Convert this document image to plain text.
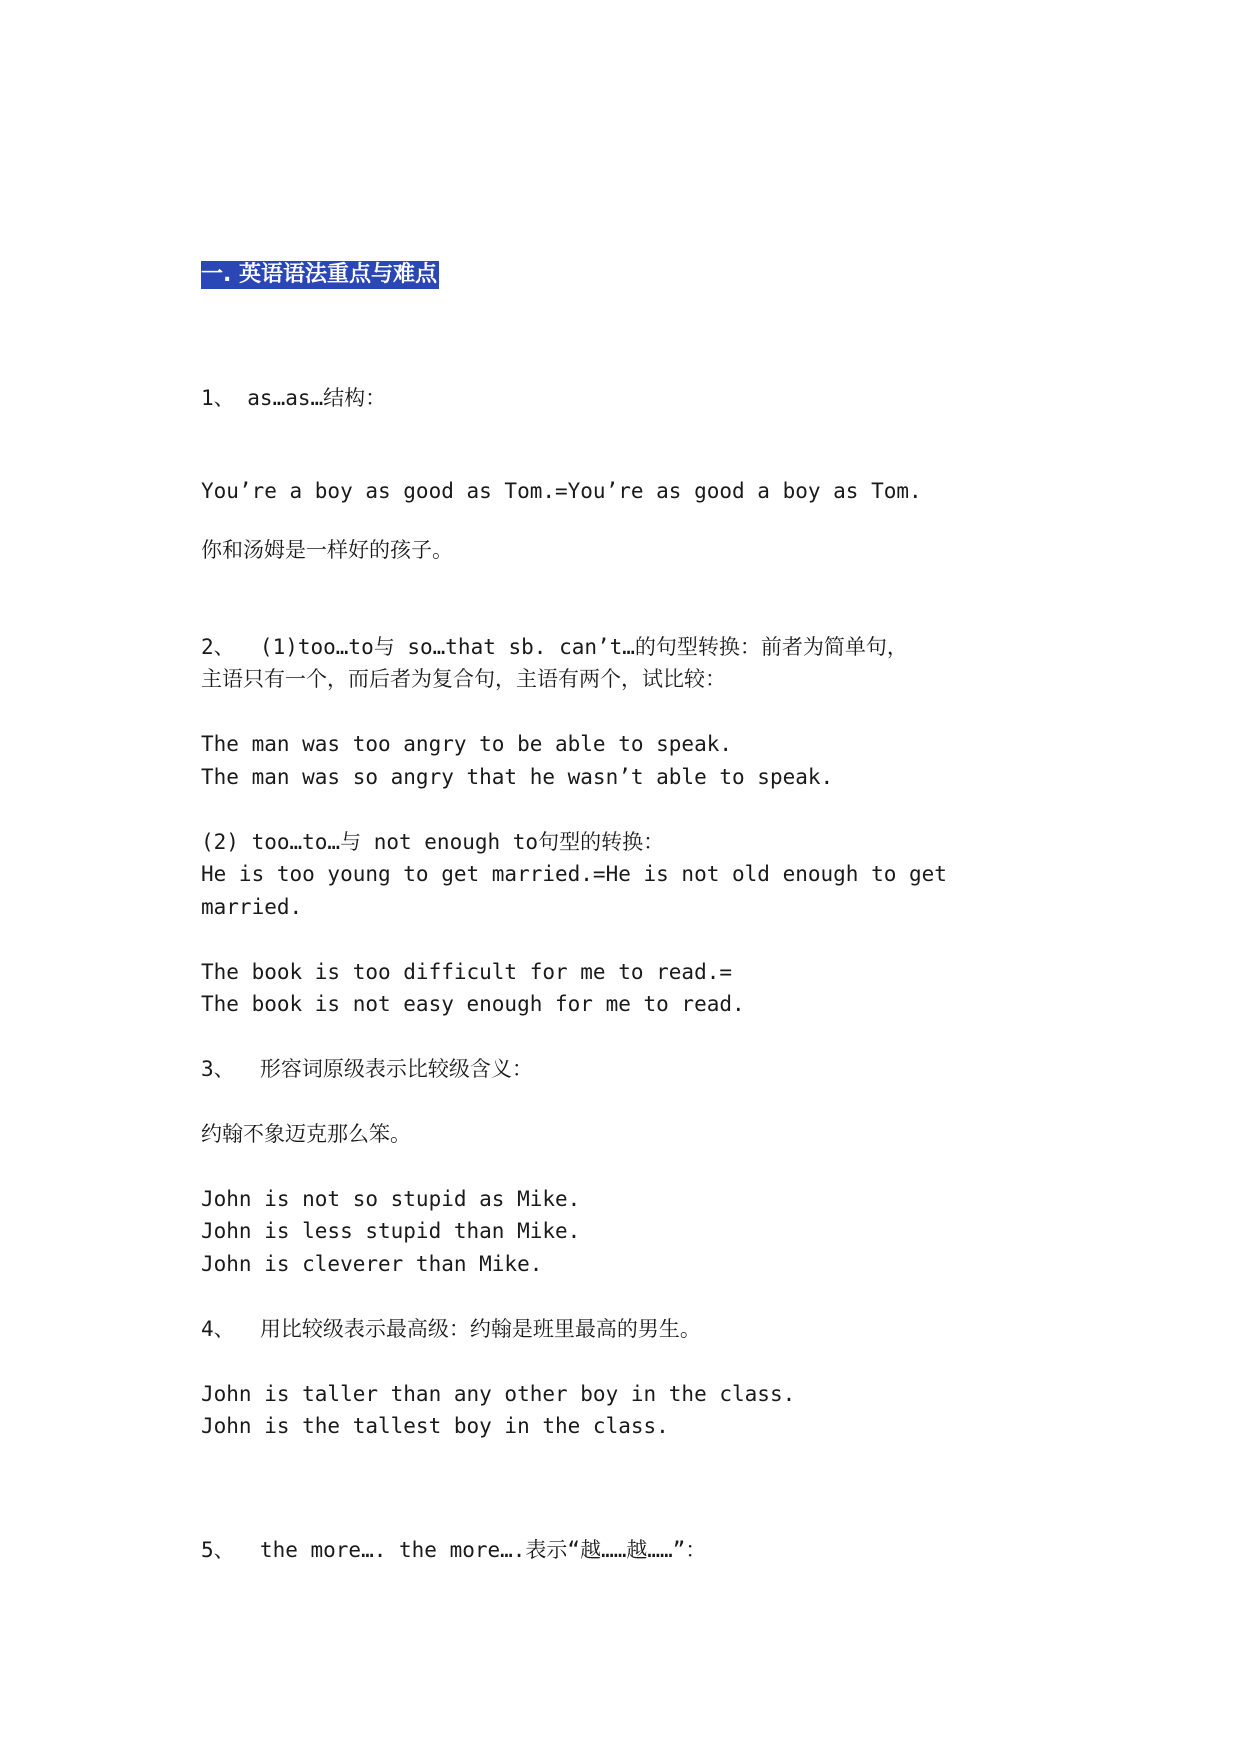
一. 英语语法重点与难点

1、 as…as…结构：

You’re a boy as good as Tom.=You’re as good a boy as Tom.

你和汤姆是一样好的孩子。

2、  (1)too…to与 so…that sb. can’t…的句型转换：前者为简单句，

主语只有一个，而后者为复合句，主语有两个，试比较：

The man was too angry to be able to speak.

The man was so angry that he wasn’t able to speak.

(2) too…to…与 not enough to句型的转换：

He is too young to get married.=He is not old enough to get

married.

The book is too difficult for me to read.=

The book is not easy enough for me to read.

3、  形容词原级表示比较级含义：

约翰不象迈克那么笨。

John is not so stupid as Mike.

John is less stupid than Mike.

John is cleverer than Mike.

4、  用比较级表示最高级：约翰是班里最高的男生。

John is taller than any other boy in the class.

John is the tallest boy in the class.

5、  the more…. the more….表示“越……越……”：
